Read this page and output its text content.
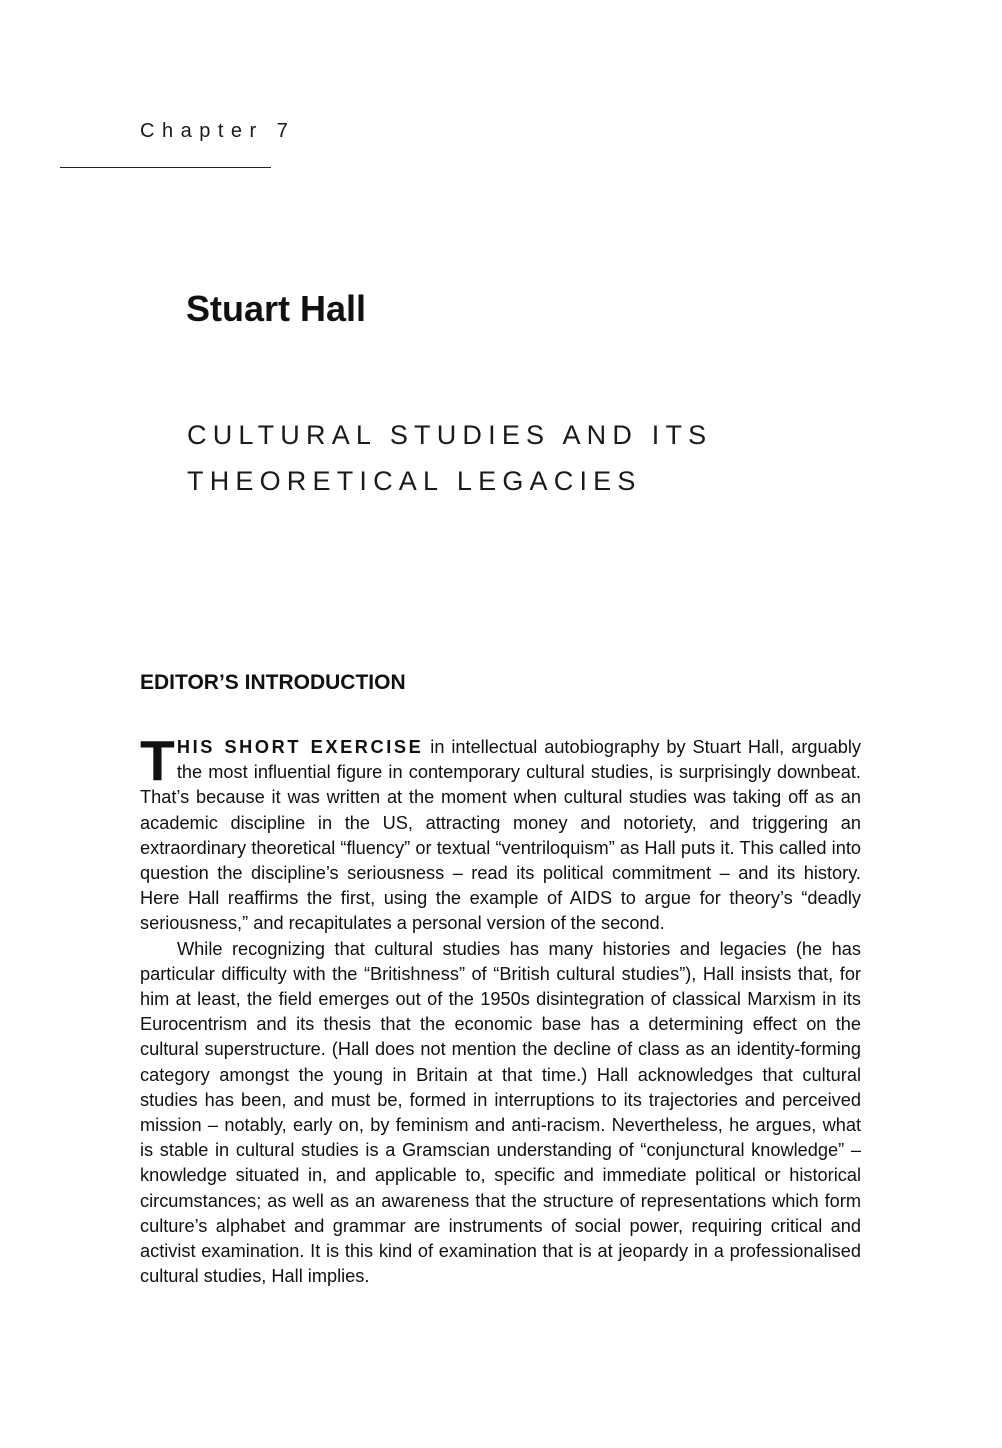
Chapter 7
Stuart Hall
CULTURAL STUDIES AND ITS
THEORETICAL LEGACIES
EDITOR’S INTRODUCTION

THIS SHORT EXERCISE in intellectual autobiography by Stuart Hall, arguably the most influential figure in contemporary cultural studies, is surprisingly downbeat. That’s because it was written at the moment when cultural studies was taking off as an academic discipline in the US, attracting money and notoriety, and triggering an extraordinary theoretical “fluency” or textual “ventriloquism” as Hall puts it. This called into question the discipline’s seriousness – read its political commitment – and its history. Here Hall reaffirms the first, using the example of AIDS to argue for theory’s “deadly seriousness,” and recapitulates a personal version of the second.

While recognizing that cultural studies has many histories and legacies (he has particular difficulty with the “Britishness” of “British cultural studies”), Hall insists that, for him at least, the field emerges out of the 1950s disintegration of classical Marxism in its Eurocentrism and its thesis that the economic base has a determining effect on the cultural superstructure. (Hall does not mention the decline of class as an identity-forming category amongst the young in Britain at that time.) Hall acknowledges that cultural studies has been, and must be, formed in interruptions to its trajectories and perceived mission – notably, early on, by feminism and anti-racism. Nevertheless, he argues, what is stable in cultural studies is a Gramscian understanding of “conjunctural knowledge” – knowledge situated in, and applicable to, specific and immediate political or historical circumstances; as well as an awareness that the structure of representations which form culture’s alphabet and grammar are instruments of social power, requiring critical and activist examination. It is this kind of examination that is at jeopardy in a professionalised cultural studies, Hall implies.
